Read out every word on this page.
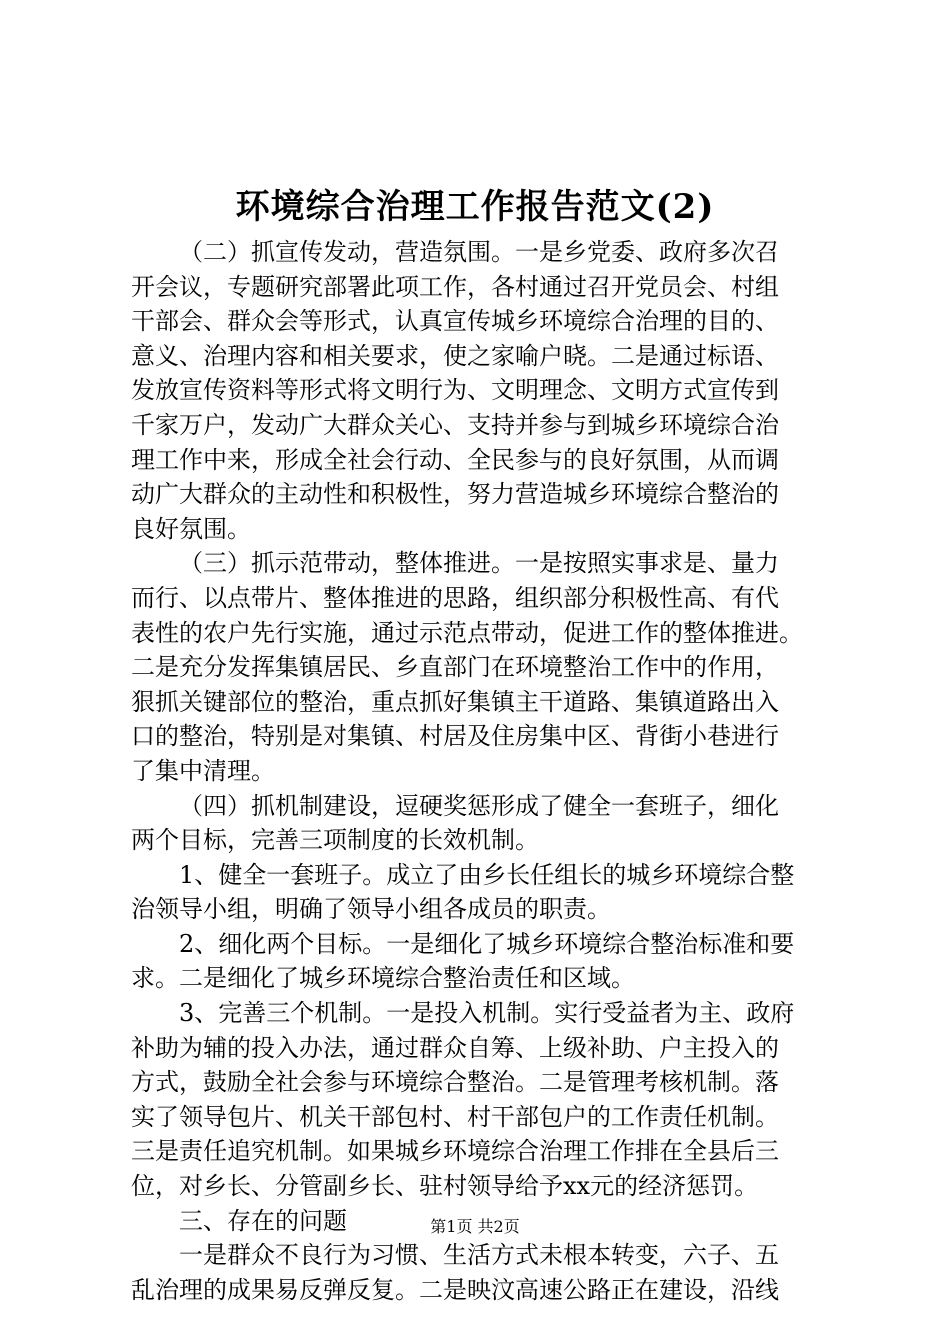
环境综合治理工作报告范文(2)
（二）抓宣传发动，营造氛围。一是乡党委、政府多次召
开会议，专题研究部署此项工作，各村通过召开党员会、村组
干部会、群众会等形式，认真宣传城乡环境综合治理的目的、
意义、治理内容和相关要求，使之家喻户晓。二是通过标语、
发放宣传资料等形式将文明行为、文明理念、文明方式宣传到
千家万户，发动广大群众关心、支持并参与到城乡环境综合治
理工作中来，形成全社会行动、全民参与的良好氛围，从而调
动广大群众的主动性和积极性，努力营造城乡环境综合整治的
良好氛围。
（三）抓示范带动，整体推进。一是按照实事求是、量力
而行、以点带片、整体推进的思路，组织部分积极性高、有代
表性的农户先行实施，通过示范点带动，促进工作的整体推进。
二是充分发挥集镇居民、乡直部门在环境整治工作中的作用，
狠抓关键部位的整治，重点抓好集镇主干道路、集镇道路出入
口的整治，特别是对集镇、村居及住房集中区、背街小巷进行
了集中清理。
（四）抓机制建设，逗硬奖惩形成了健全一套班子，细化
两个目标，完善三项制度的长效机制。
1、健全一套班子。成立了由乡长任组长的城乡环境综合整
治领导小组，明确了领导小组各成员的职责。
2、细化两个目标。一是细化了城乡环境综合整治标准和要
求。二是细化了城乡环境综合整治责任和区域。
3、完善三个机制。一是投入机制。实行受益者为主、政府
补助为辅的投入办法，通过群众自筹、上级补助、户主投入的
方式，鼓励全社会参与环境综合整治。二是管理考核机制。落
实了领导包片、机关干部包村、村干部包户的工作责任机制。
三是责任追究机制。如果城乡环境综合治理工作排在全县后三
位，对乡长、分管副乡长、驻村领导给予xx元的经济惩罚。
三、存在的问题
一是群众不良行为习惯、生活方式未根本转变，六子、五
乱治理的成果易反弹反复。二是映汶高速公路正在建设，沿线
第1页 共2页
